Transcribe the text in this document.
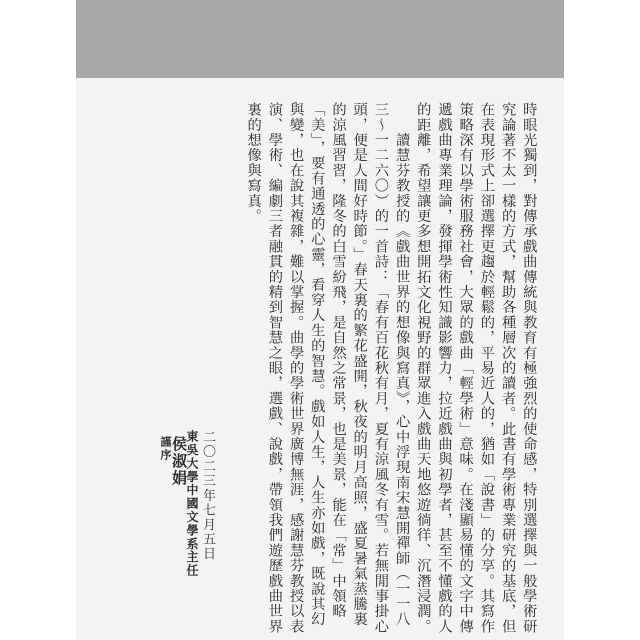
時眼光獨到，對傳承戲曲傳統與教育有極強烈的使命感，特別選擇與一般學術研
究論著不太一樣的方式，幫助各種層次的讀者。此書有學術專業研究的基底，但
在表現形式上卻選擇更趨於輕鬆的，平易近人的，猶如「說書」的分享。其寫作
策略深有以學術服務社會，大眾的戲曲「輕學術」意味。在淺顯易懂的文字中傳
遞戲曲專業理論，發揮學術性知識影響力，拉近戲曲與初學者，甚至不懂戲的人
的距離，希望讓更多想開拓文化視野的群眾進入戲曲天地悠遊徜徉、沉潛浸潤。
　　讀慧芬教授的《戲曲世界的想像與寫真》，心中浮現南宋慧開禪師（一一八
三～一二六〇）的一首詩：「春有百花秋有月，夏有涼風冬有雪。若無閒事掛心
頭，便是人間好時節。」春天裏的繁花盛開，秋夜的明月高照，盛夏暑氣蒸騰裏
的涼風習習，隆冬的白雪紛飛，是自然之常景，也是美景，能在「常」中領略
「美」，要有通透的心靈，看穿人生的智慧。戲如人生，人生亦如戲，既說其幻
與變，也在說其複雜，難以掌握。曲學的學術世界廣博無涯，感謝慧芬教授以表
演、學術、編劇三者融貫的精到智慧之眼，選戲、說戲，帶領我們遊歷戲曲世界
裏的想像與寫真。
二〇二三年七月五日
東吳大學中國文學系主任
侯淑娟
謹序
